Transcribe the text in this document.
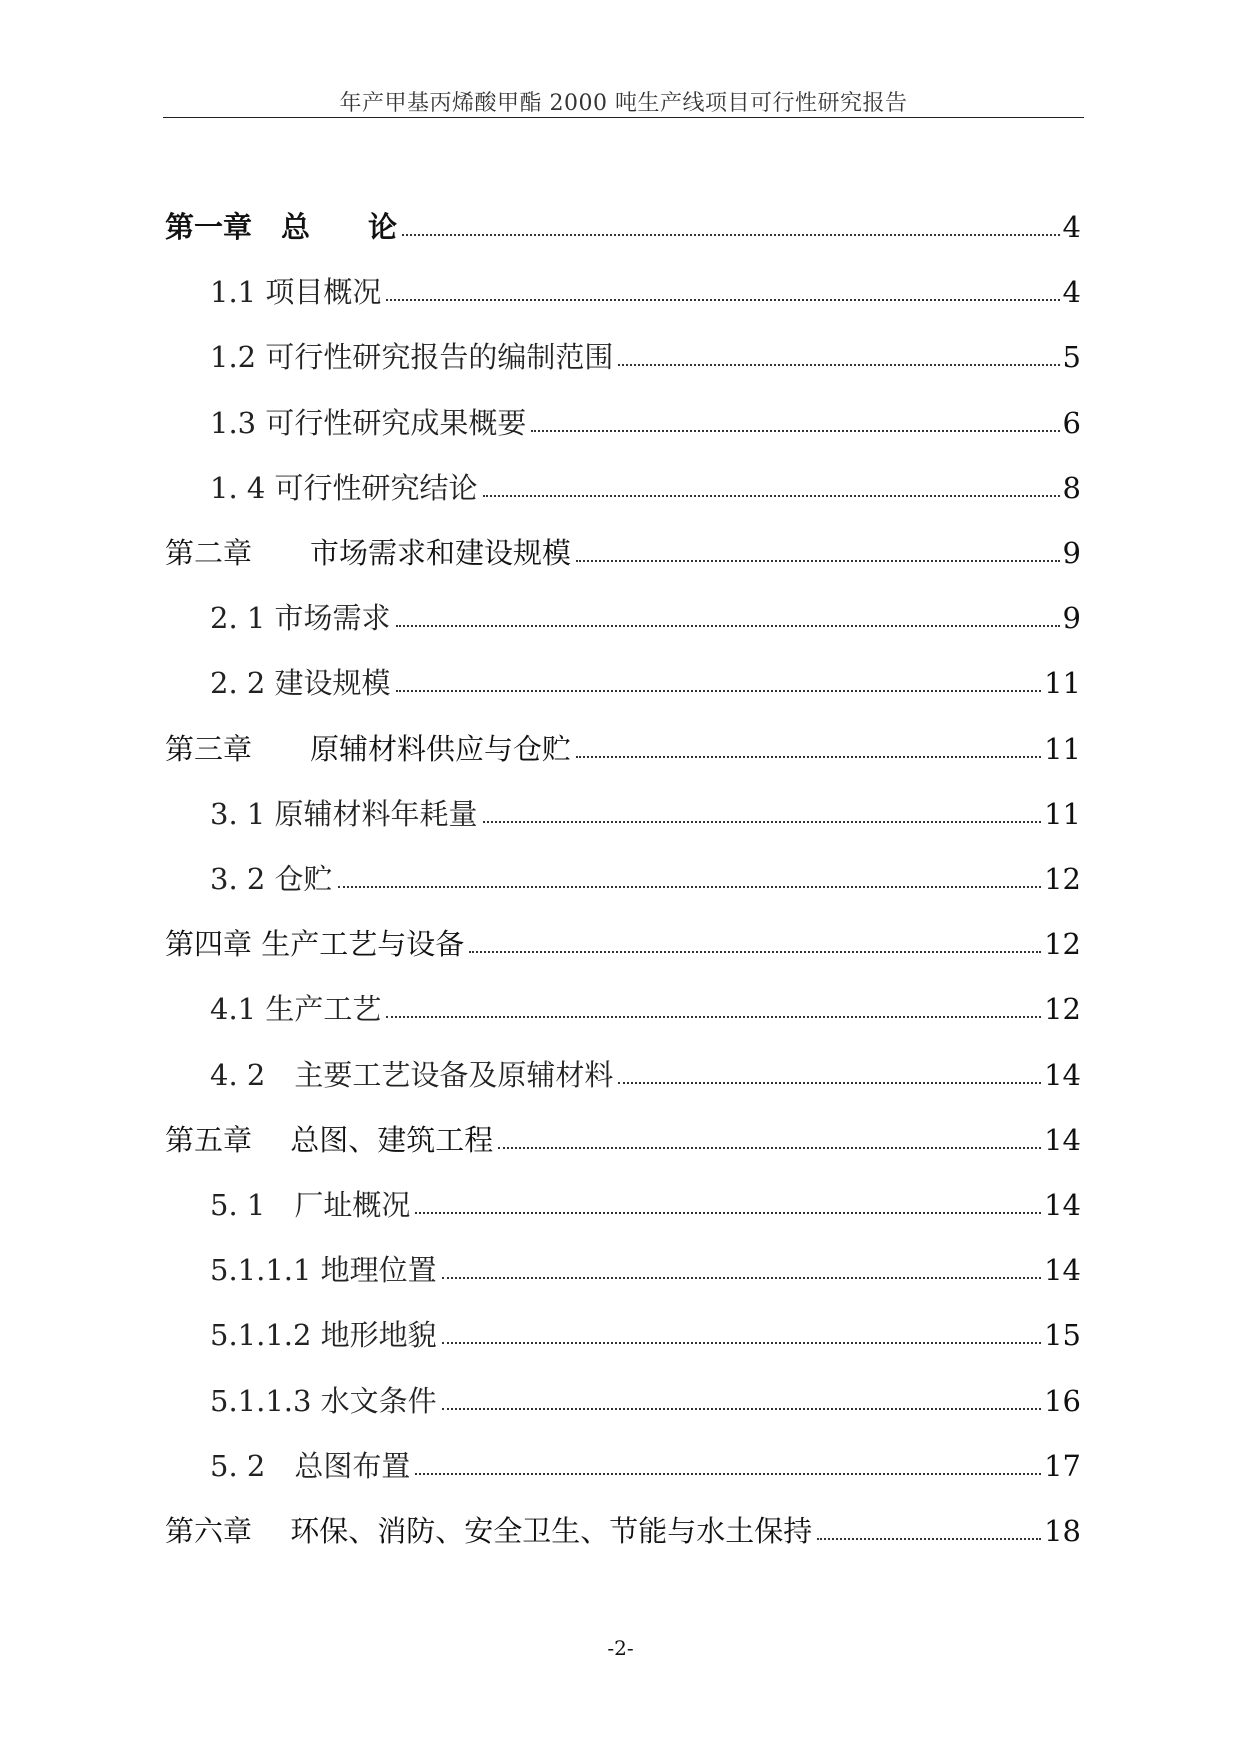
年产甲基丙烯酸甲酯 2000 吨生产线项目可行性研究报告
第一章　总　　论	4
1.1 项目概况	4
1.2 可行性研究报告的编制范围	5
1.3 可行性研究成果概要	6
1. 4 可行性研究结论	8
第二章　　市场需求和建设规模	9
2. 1 市场需求	9
2. 2 建设规模	11
第三章　　原辅材料供应与仓贮	11
3. 1 原辅材料年耗量	11
3. 2 仓贮	12
第四章 生产工艺与设备	12
4.1 生产工艺	12
4. 2　主要工艺设备及原辅材料	14
第五章　 总图、建筑工程	14
5. 1　厂址概况	14
5.1.1.1 地理位置	14
5.1.1.2 地形地貌	15
5.1.1.3 水文条件	16
5. 2　总图布置	17
第六章　 环保、消防、安全卫生、节能与水土保持	18
-2-
